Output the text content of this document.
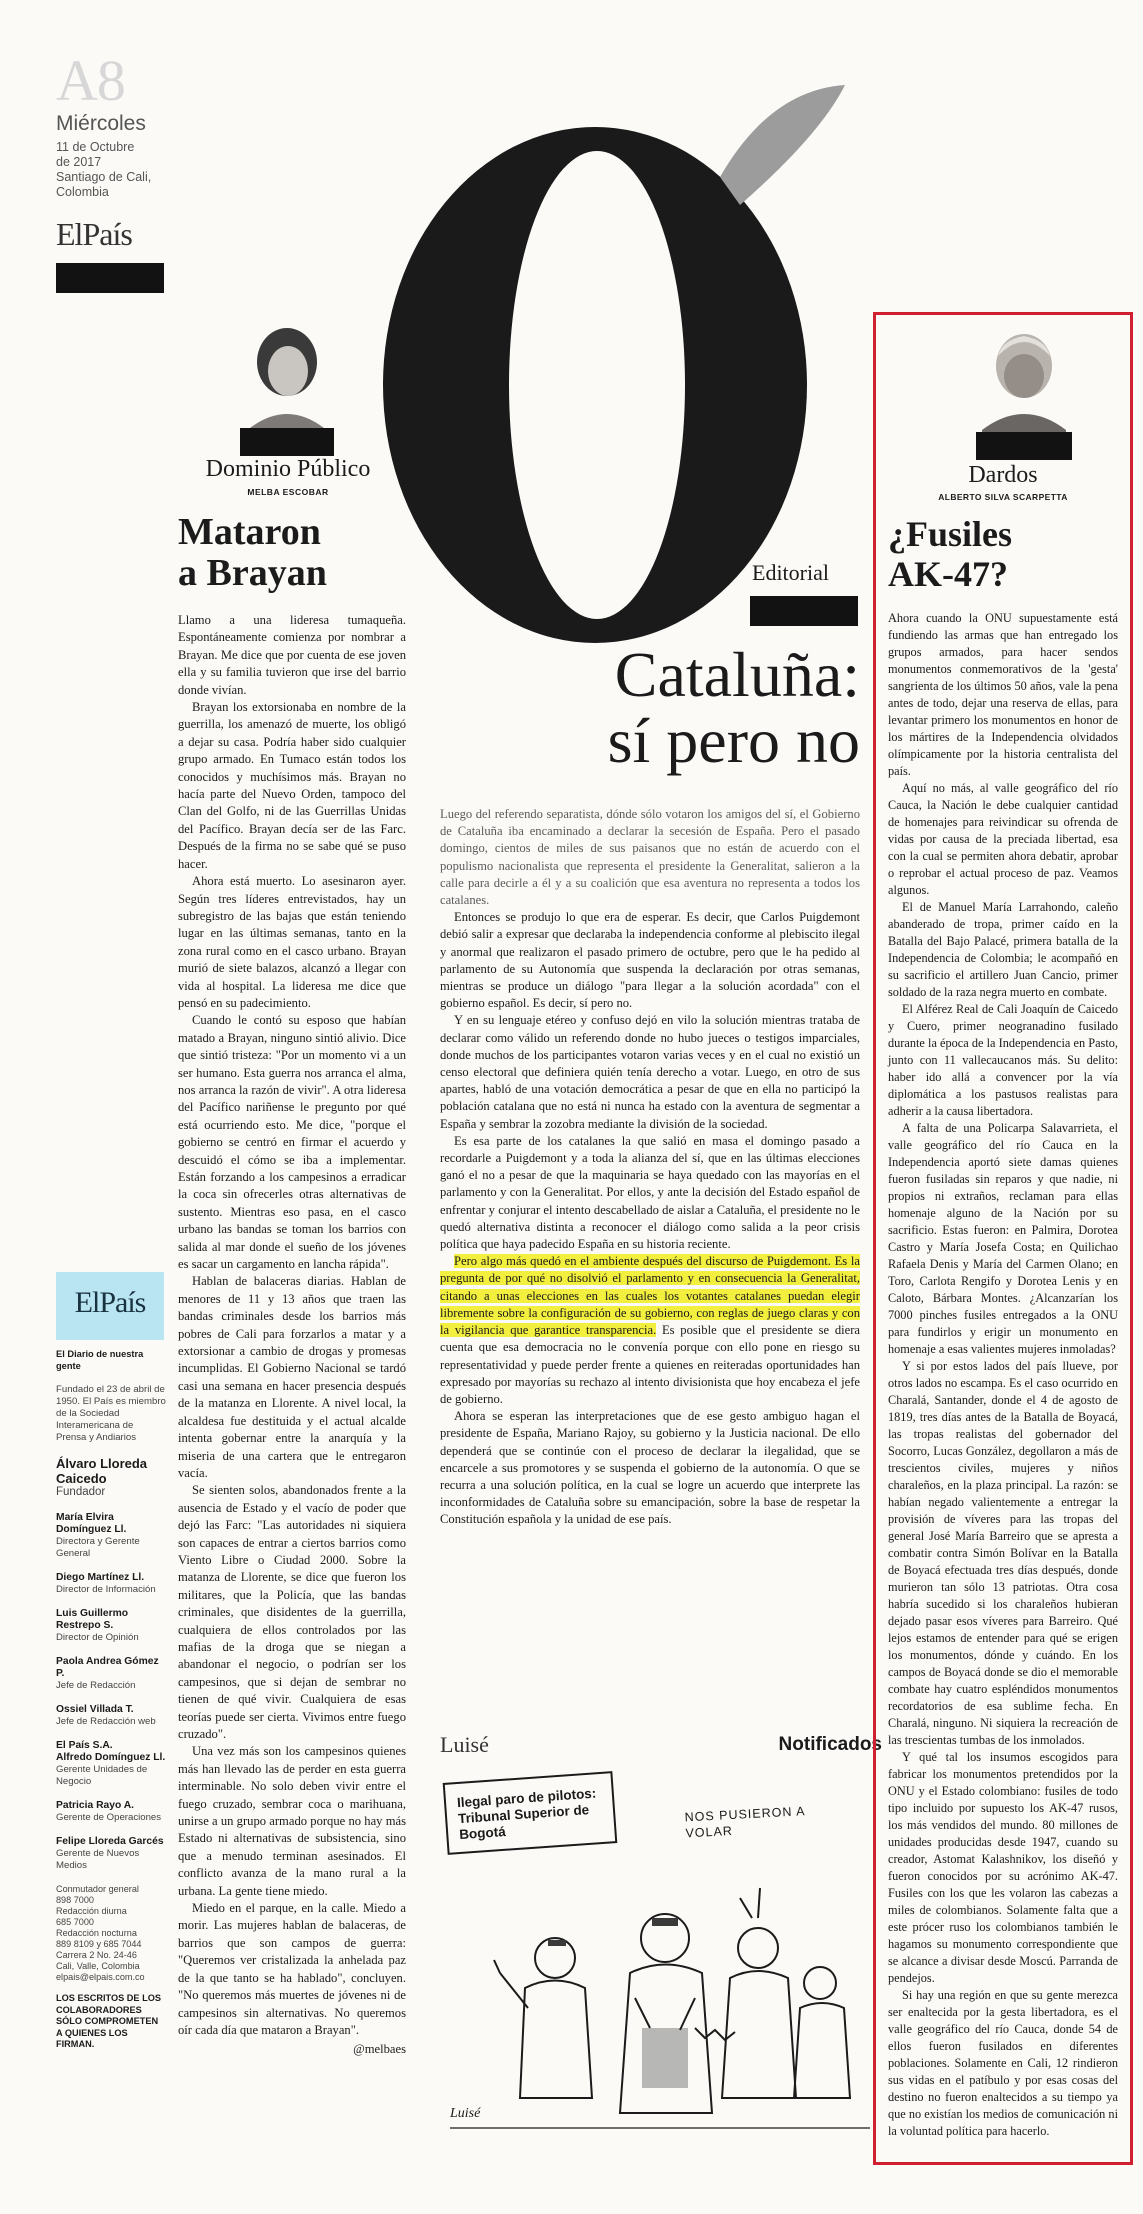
A8
Miércoles
11 de Octubre
de 2017
Santiago de Cali,
Colombia
ElPaís
Dominio Público
MELBA ESCOBAR
Mataron
a Brayan

Llamo a una lideresa tumaqueña. Espontáneamente comienza por nombrar a Brayan. Me dice que por cuenta de ese joven ella y su familia tuvieron que irse del barrio donde vivían.

Brayan los extorsionaba en nombre de la guerrilla, los amenazó de muerte, los obligó a dejar su casa. Podría haber sido cualquier grupo armado. En Tumaco están todos los conocidos y muchísimos más. Brayan no hacía parte del Nuevo Orden, tampoco del Clan del Golfo, ni de las Guerrillas Unidas del Pacífico. Brayan decía ser de las Farc. Después de la firma no se sabe qué se puso hacer.

Ahora está muerto. Lo asesinaron ayer. Según tres líderes entrevistados, hay un subregistro de las bajas que están teniendo lugar en las últimas semanas, tanto en la zona rural como en el casco urbano. Brayan murió de siete balazos, alcanzó a llegar con vida al hospital. La lideresa me dice que pensó en su padecimiento.

Cuando le contó su esposo que habían matado a Brayan, ninguno sintió alivio. Dice que sintió tristeza: "Por un momento vi a un ser humano. Esta guerra nos arranca el alma, nos arranca la razón de vivir". A otra lideresa del Pacífico nariñense le pregunto por qué está ocurriendo esto. Me dice, "porque el gobierno se centró en firmar el acuerdo y descuidó el cómo se iba a implementar. Están forzando a los campesinos a erradicar la coca sin ofrecerles otras alternativas de sustento. Mientras eso pasa, en el casco urbano las bandas se toman los barrios con salida al mar donde el sueño de los jóvenes es sacar un cargamento en lancha rápida".

Hablan de balaceras diarias. Hablan de menores de 11 y 13 años que traen las bandas criminales desde los barrios más pobres de Cali para forzarlos a matar y a extorsionar a cambio de drogas y promesas incumplidas. El Gobierno Nacional se tardó casi una semana en hacer presencia después de la matanza en Llorente. A nivel local, la alcaldesa fue destituida y el actual alcalde intenta gobernar entre la anarquía y la miseria de una cartera que le entregaron vacía.

Se sienten solos, abandonados frente a la ausencia de Estado y el vacío de poder que dejó las Farc: "Las autoridades ni siquiera son capaces de entrar a ciertos barrios como Viento Libre o Ciudad 2000. Sobre la matanza de Llorente, se dice que fueron los militares, que la Policía, que las bandas criminales, que disidentes de la guerrilla, cualquiera de ellos controlados por las mafias de la droga que se niegan a abandonar el negocio, o podrían ser los campesinos, que si dejan de sembrar no tienen de qué vivir. Cualquiera de esas teorías puede ser cierta. Vivimos entre fuego cruzado".

Una vez más son los campesinos quienes más han llevado las de perder en esta guerra interminable. No solo deben vivir entre el fuego cruzado, sembrar coca o marihuana, unirse a un grupo armado porque no hay más Estado ni alternativas de subsistencia, sino que a menudo terminan asesinados. El conflicto avanza de la mano rural a la urbana. La gente tiene miedo.

Miedo en el parque, en la calle. Miedo a morir. Las mujeres hablan de balaceras, de barrios que son campos de guerra: "Queremos ver cristalizada la anhelada paz de la que tanto se ha hablado", concluyen. "No queremos más muertes de jóvenes ni de campesinos sin alternativas. No queremos oír cada día que mataron a Brayan".

@melbaes
ElPaís
El Diario de nuestra gente
Fundado el 23 de abril de 1950. El País es miembro de la Sociedad Interamericana de Prensa y Andiarios
Álvaro Lloreda Caicedo
Fundador
María Elvira Domínguez Ll.
Directora y Gerente General
Diego Martínez Ll.
Director de Información
Luis Guillermo Restrepo S.
Director de Opinión
Paola Andrea Gómez P.
Jefe de Redacción
Ossiel Villada T.
Jefe de Redacción web
El País S.A.
Alfredo Domínguez Ll.
Gerente Unidades de Negocio
Patricia Rayo A.
Gerente de Operaciones
Felipe Lloreda Garcés
Gerente de Nuevos Medios
Conmutador general
898 7000
Redacción diurna
685 7000
Redacción nocturna
889 8109 y 685 7044
Carrera 2 No. 24-46
Cali, Valle, Colombia
elpais@elpais.com.co
LOS ESCRITOS DE LOS COLABORADORES SÓLO COMPROMETEN A QUIENES LOS FIRMAN.
Editorial
Cataluña:
sí pero no

Luego del referendo separatista, dónde sólo votaron los amigos del sí, el Gobierno de Cataluña iba encaminado a declarar la secesión de España. Pero el pasado domingo, cientos de miles de sus paisanos que no están de acuerdo con el populismo nacionalista que representa el presidente la Generalitat, salieron a la calle para decirle a él y a su coalición que esa aventura no representa a todos los catalanes.

Entonces se produjo lo que era de esperar. Es decir, que Carlos Puigdemont debió salir a expresar que declaraba la independencia conforme al plebiscito ilegal y anormal que realizaron el pasado primero de octubre, pero que le ha pedido al parlamento de su Autonomía que suspenda la declaración por otras semanas, mientras se produce un diálogo "para llegar a la solución acordada" con el gobierno español. Es decir, sí pero no.

Y en su lenguaje etéreo y confuso dejó en vilo la solución mientras trataba de declarar como válido un referendo donde no hubo jueces o testigos imparciales, donde muchos de los participantes votaron varias veces y en el cual no existió un censo electoral que definiera quién tenía derecho a votar. Luego, en otro de sus apartes, habló de una votación democrática a pesar de que en ella no participó la población catalana que no está ni nunca ha estado con la aventura de segmentar a España y sembrar la zozobra mediante la división de la sociedad.

Es esa parte de los catalanes la que salió en masa el domingo pasado a recordarle a Puigdemont y a toda la alianza del sí, que en las últimas elecciones ganó el no a pesar de que la maquinaria se haya quedado con las mayorías en el parlamento y con la Generalitat. Por ellos, y ante la decisión del Estado español de enfrentar y conjurar el intento descabellado de aislar a Cataluña, el presidente no le quedó alternativa distinta a reconocer el diálogo como salida a la peor crisis política que haya padecido España en su historia reciente.

Pero algo más quedó en el ambiente después del discurso de Puigdemont. Es la pregunta de por qué no disolvió el parlamento y en consecuencia la Generalitat, citando a unas elecciones en las cuales los votantes catalanes puedan elegir libremente sobre la configuración de su gobierno, con reglas de juego claras y con la vigilancia que garantice transparencia. Es posible que el presidente se diera cuenta que esa democracia no le convenía porque con ello pone en riesgo su representatividad y puede perder frente a quienes en reiteradas oportunidades han expresado por mayorías su rechazo al intento divisionista que hoy encabeza el jefe de gobierno.

Ahora se esperan las interpretaciones que de ese gesto ambiguo hagan el presidente de España, Mariano Rajoy, su gobierno y la Justicia nacional. De ello dependerá que se continúe con el proceso de declarar la ilegalidad, que se encarcele a sus promotores y se suspenda el gobierno de la autonomía. O que se recurra a una solución política, en la cual se logre un acuerdo que interprete las inconformidades de Cataluña sobre su emancipación, sobre la base de respetar la Constitución española y la unidad de ese país.

Luisé	Notificados
Ilegal paro de pilotos: Tribunal Superior de Bogotá
NOS PUSIERON A VOLAR
Luisé
Dardos
ALBERTO SILVA SCARPETTA
¿Fusiles
AK-47?

Ahora cuando la ONU supuestamente está fundiendo las armas que han entregado los grupos armados, para hacer sendos monumentos conmemorativos de la 'gesta' sangrienta de los últimos 50 años, vale la pena antes de todo, dejar una reserva de ellas, para levantar primero los monumentos en honor de los mártires de la Independencia olvidados olímpicamente por la historia centralista del país.

Aquí no más, al valle geográfico del río Cauca, la Nación le debe cualquier cantidad de homenajes para reivindicar su ofrenda de vidas por causa de la preciada libertad, esa con la cual se permiten ahora debatir, aprobar o reprobar el actual proceso de paz. Veamos algunos.

El de Manuel María Larrahondo, caleño abanderado de tropa, primer caído en la Batalla del Bajo Palacé, primera batalla de la Independencia de Colombia; le acompañó en su sacrificio el artillero Juan Cancio, primer soldado de la raza negra muerto en combate.

El Alférez Real de Cali Joaquín de Caicedo y Cuero, primer neogranadino fusilado durante la época de la Independencia en Pasto, junto con 11 vallecaucanos más. Su delito: haber ido allá a convencer por la vía diplomática a los pastusos realistas para adherir a la causa libertadora.

A falta de una Policarpa Salavarrieta, el valle geográfico del río Cauca en la Independencia aportó siete damas quienes fueron fusiladas sin reparos y que nadie, ni propios ni extraños, reclaman para ellas homenaje alguno de la Nación por su sacrificio. Estas fueron: en Palmira, Dorotea Castro y María Josefa Costa; en Quilichao Rafaela Denis y María del Carmen Olano; en Toro, Carlota Rengifo y Dorotea Lenis y en Caloto, Bárbara Montes. ¿Alcanzarían los 7000 pinches fusiles entregados a la ONU para fundirlos y erigir un monumento en homenaje a esas valientes mujeres inmoladas?

Y si por estos lados del país llueve, por otros lados no escampa. Es el caso ocurrido en Charalá, Santander, donde el 4 de agosto de 1819, tres días antes de la Batalla de Boyacá, las tropas realistas del gobernador del Socorro, Lucas González, degollaron a más de trescientos civiles, mujeres y niños charaleños, en la plaza principal. La razón: se habían negado valientemente a entregar la provisión de víveres para las tropas del general José María Barreiro que se apresta a combatir contra Simón Bolívar en la Batalla de Boyacá efectuada tres días después, donde murieron tan sólo 13 patriotas. Otra cosa habría sucedido si los charaleños hubieran dejado pasar esos víveres para Barreiro. Qué lejos estamos de entender para qué se erigen los monumentos, dónde y cuándo. En los campos de Boyacá donde se dio el memorable combate hay cuatro espléndidos monumentos recordatorios de esa sublime fecha. En Charalá, ninguno. Ni siquiera la recreación de las trescientas tumbas de los inmolados.

Y qué tal los insumos escogidos para fabricar los monumentos pretendidos por la ONU y el Estado colombiano: fusiles de todo tipo incluido por supuesto los AK-47 rusos, los más vendidos del mundo. 80 millones de unidades producidas desde 1947, cuando su creador, Astomat Kalashnikov, los diseñó y fueron conocidos por su acrónimo AK-47. Fusiles con los que les volaron las cabezas a miles de colombianos. Solamente falta que a este prócer ruso los colombianos también le hagamos su monumento correspondiente que se alcance a divisar desde Moscú. Parranda de pendejos.

Si hay una región en que su gente merezca ser enaltecida por la gesta libertadora, es el valle geográfico del río Cauca, donde 54 de ellos fueron fusilados en diferentes poblaciones. Solamente en Cali, 12 rindieron sus vidas en el patíbulo y por esas cosas del destino no fueron enaltecidos a su tiempo ya que no existían los medios de comunicación ni la voluntad política para hacerlo.
